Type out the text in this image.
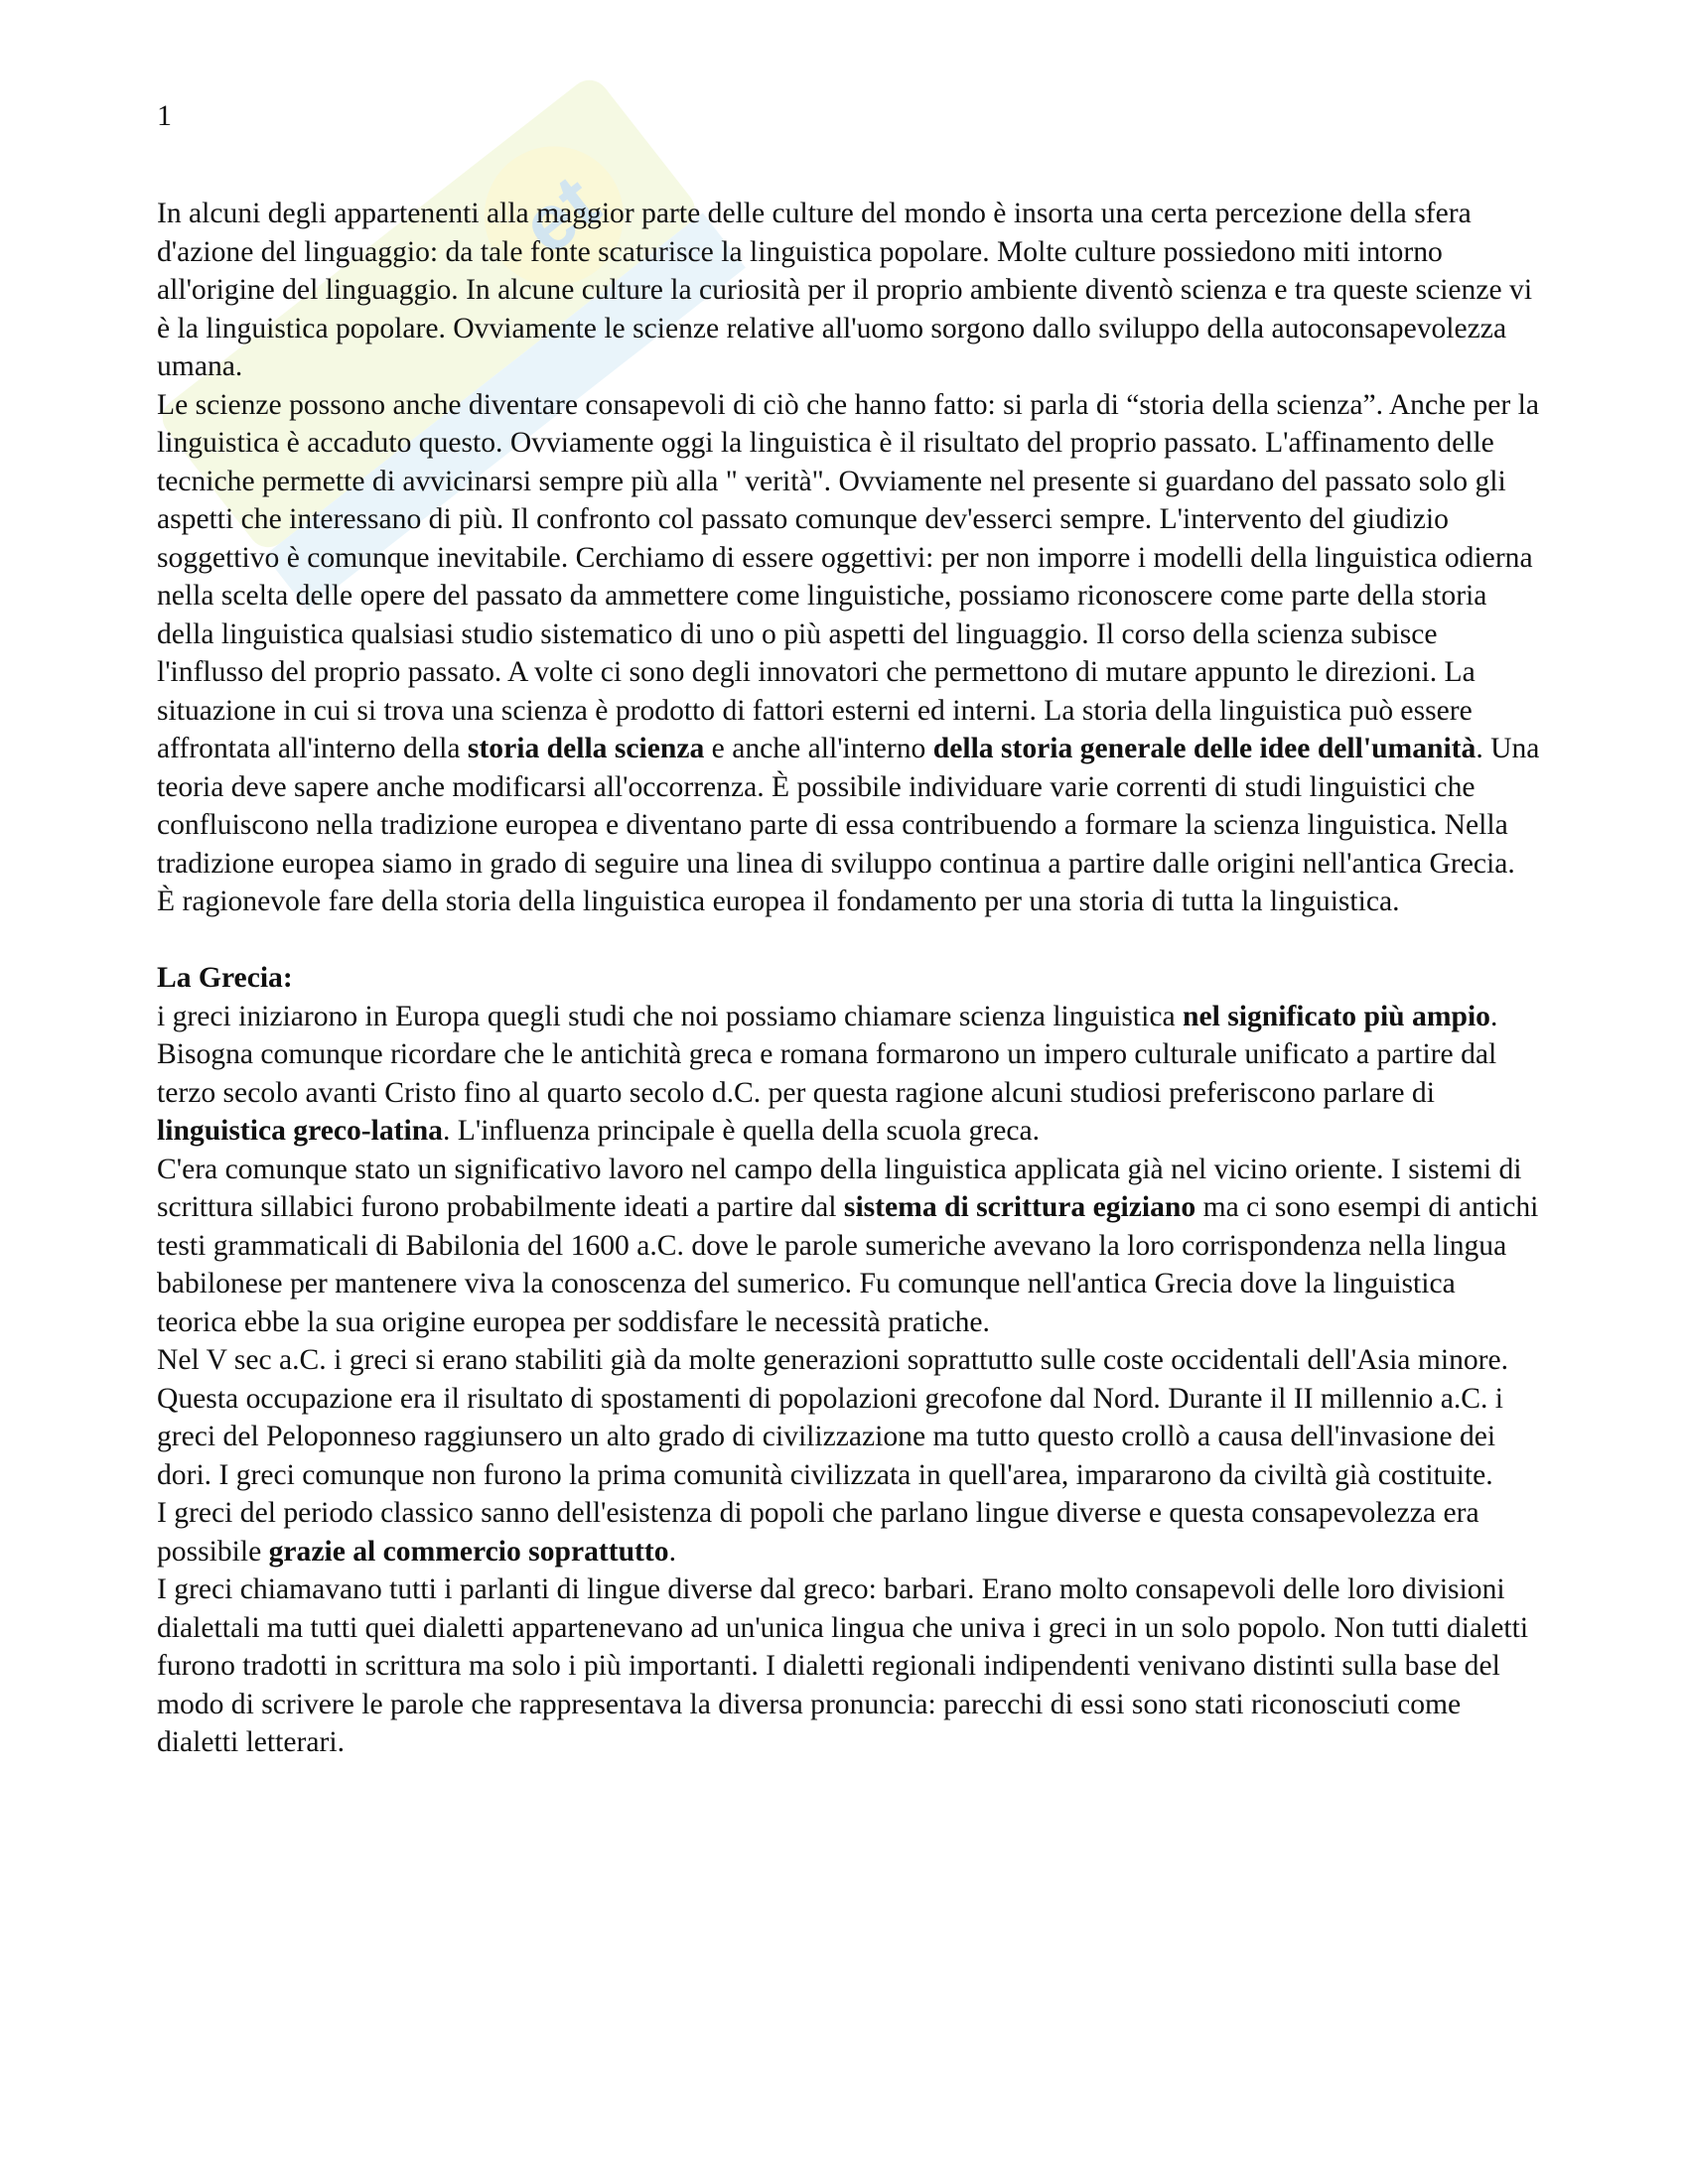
et
1

In alcuni degli appartenenti alla maggior parte delle culture del mondo è insorta una certa percezione della sfera d'azione del linguaggio: da tale fonte scaturisce la linguistica popolare. Molte culture possiedono miti intorno all'origine del linguaggio. In alcune culture la curiosità per il proprio ambiente diventò scienza e tra queste scienze vi è la linguistica popolare. Ovviamente le scienze relative all'uomo sorgono dallo sviluppo della autoconsapevolezza umana.

Le scienze possono anche diventare consapevoli di ciò che hanno fatto: si parla di “storia della scienza”. Anche per la linguistica è accaduto questo. Ovviamente oggi la linguistica è il risultato del proprio passato. L'affinamento delle tecniche permette di avvicinarsi sempre più alla " verità". Ovviamente nel presente si guardano del passato solo gli aspetti che interessano di più. Il confronto col passato comunque dev'esserci sempre. L'intervento del giudizio soggettivo è comunque inevitabile. Cerchiamo di essere oggettivi: per non imporre i modelli della linguistica odierna nella scelta delle opere del passato da ammettere come linguistiche, possiamo riconoscere come parte della storia della linguistica qualsiasi studio sistematico di uno o più aspetti del linguaggio. Il corso della scienza subisce l'influsso del proprio passato. A volte ci sono degli innovatori che permettono di mutare appunto le direzioni. La situazione in cui si trova una scienza è prodotto di fattori esterni ed interni. La storia della linguistica può essere affrontata all'interno della storia della scienza e anche all'interno della storia generale delle idee dell'umanità. Una teoria deve sapere anche modificarsi all'occorrenza. È possibile individuare varie correnti di studi linguistici che confluiscono nella tradizione europea e diventano parte di essa contribuendo a formare la scienza linguistica. Nella tradizione europea siamo in grado di seguire una linea di sviluppo continua a partire dalle origini nell'antica Grecia.

È ragionevole fare della storia della linguistica europea il fondamento per una storia di tutta la linguistica.

La Grecia:

i greci iniziarono in Europa quegli studi che noi possiamo chiamare scienza linguistica nel significato più ampio. Bisogna comunque ricordare che le antichità greca e romana formarono un impero culturale unificato a partire dal terzo secolo avanti Cristo fino al quarto secolo d.C. per questa ragione alcuni studiosi preferiscono parlare di linguistica greco-latina. L'influenza principale è quella della scuola greca.

C'era comunque stato un significativo lavoro nel campo della linguistica applicata già nel vicino oriente. I sistemi di scrittura sillabici furono probabilmente ideati a partire dal sistema di scrittura egiziano ma ci sono esempi di antichi testi grammaticali di Babilonia del 1600 a.C. dove le parole sumeriche avevano la loro corrispondenza nella lingua babilonese per mantenere viva la conoscenza del sumerico. Fu comunque nell'antica Grecia dove la linguistica teorica ebbe la sua origine europea per soddisfare le necessità pratiche.

Nel V sec a.C. i greci si erano stabiliti già da molte generazioni soprattutto sulle coste occidentali dell'Asia minore. Questa occupazione era il risultato di spostamenti di popolazioni grecofone dal Nord. Durante il II millennio a.C. i greci del Peloponneso raggiunsero un alto grado di civilizzazione ma tutto questo crollò a causa dell'invasione dei dori. I greci comunque non furono la prima comunità civilizzata in quell'area, impararono da civiltà già costituite.

I greci del periodo classico sanno dell'esistenza di popoli che parlano lingue diverse e questa consapevolezza era possibile grazie al commercio soprattutto.

I greci chiamavano tutti i parlanti di lingue diverse dal greco: barbari. Erano molto consapevoli delle loro divisioni dialettali ma tutti quei dialetti appartenevano ad un'unica lingua che univa i greci in un solo popolo. Non tutti dialetti furono tradotti in scrittura ma solo i più importanti. I dialetti regionali indipendenti venivano distinti sulla base del modo di scrivere le parole che rappresentava la diversa pronuncia: parecchi di essi sono stati riconosciuti come dialetti letterari.
